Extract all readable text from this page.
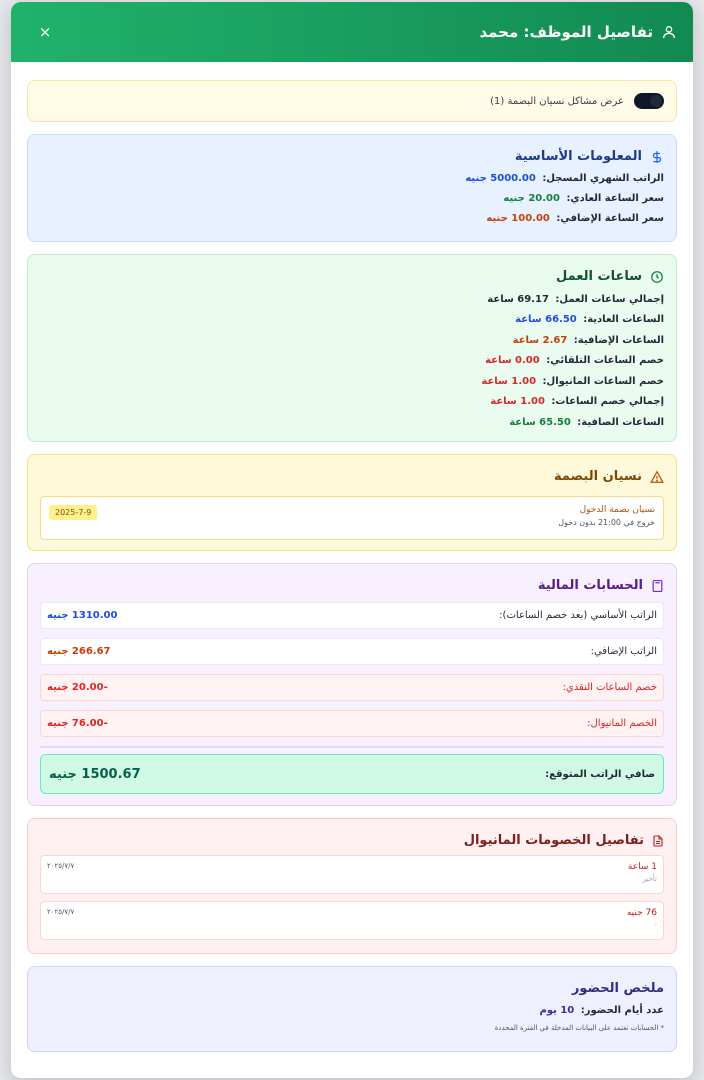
تفاصيل الموظف: محمد
×
عرض مشاكل نسيان البصمة (1)
المعلومات الأساسية
الراتب الشهري المسجل: 5000.00 جنيه
سعر الساعة العادي: 20.00 جنيه
سعر الساعة الإضافي: 100.00 جنيه
ساعات العمل
إجمالي ساعات العمل: 69.17 ساعة
الساعات العادية: 66.50 ساعة
الساعات الإضافية: 2.67 ساعة
خصم الساعات التلقائي: 0.00 ساعة
خصم الساعات المانيوال: 1.00 ساعة
إجمالي خصم الساعات: 1.00 ساعة
الساعات الصافية: 65.50 ساعة
نسيان البصمة
نسيان بصمة الدخول
خروج في 21:00 بدون دخول
2025-7-9
الحسابات المالية
الراتب الأساسي (بعد خصم الساعات):
1310.00 جنيه
الراتب الإضافي:
266.67 جنيه
خصم الساعات النقدي:
-20.00 جنيه
الخصم المانيوال:
-76.00 جنيه
صافي الراتب المتوقع:
1500.67 جنيه
تفاصيل الخصومات المانيوال
1 ساعة
تأخير
٢٠٢٥/٧/٧
76 جنيه
-
٢٠٢٥/٧/٧
ملخص الحضور
عدد أيام الحضور: 10 يوم
* الحسابات تعتمد على البيانات المدخلة في الفترة المحددة
